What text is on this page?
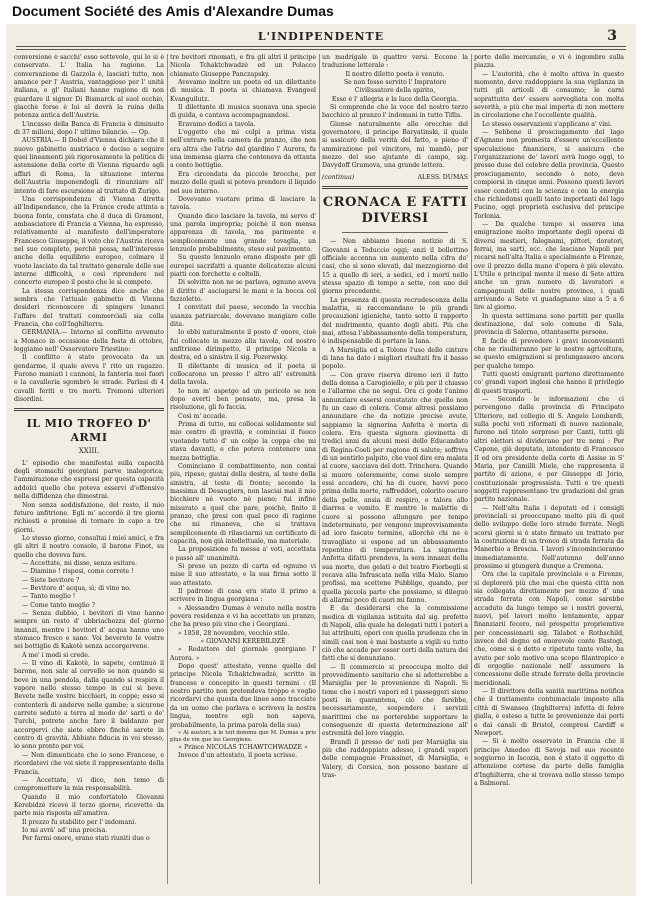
Document Société des Amis d'Alexandre Dumas
L'INDIPENDENTE	3

conversione è sacchi' esso sottevole, qui lo si è conservato. L' Italia ha ragione. La conversazione di Gazzola è, lasciati tutto, non amance per l' Austria, vantaggioso per l' unità italiana, e gl' Italiani hanno ragione di non guardare il signor Di Bismarck al suol occhio, giacchè forse è lui al dovrà la ruina della potenza antica dell'Austria.

L'incasso della Banca di Francia è diminuito di 37 milioni, dopo l' ultimo bilancio. — Op.

AUSTRIA.— Il Dobel d'Vienna dichiara che il nuovo gabinetto austriaco è deciso a seguire quei lineamenti più rigorosamente la politica di astensione della corte di Vienna riguardo agli affari di Roma, la situazione interna dell'Austria imponendogli di rinunziare all' intento di fare escursione al trattato di Zurigo.

Una corrispondenza di Vienna diretta all'Indipendance, che la France crede attinta a buona fonte, constata che il duca di Gramont, ambasciatore di Francia a Vienna, ha espresso, relativamente al manifesto dell'imperatore Francesco Giuseppe, il voto che l'Austria riceva nel suo completo, perchè possa, nell'interesse anche della equilibrio europeo, colmare il vuoto lasciato da tal trattato generale delle sue interne difficoltà, e così riprendere nel concerto europeo il posto che le si compete.

La stessa corrispondenza dice anche che sembra che l'attuale gabinetto di Vienna desideri riconoscere di spingere lunanci l'affare del trattati commerciali sia colla Francia, che coll'Inghilterra.

GERMANIA.— Intorno al conflitto avvenuto a Monaco in occasione della festa di ottobre, leggiamo nell' Osservatore Triestino:

Il conflitto è stato provocato da un gendarme, il quale aveva l' rito un ragazzo. Furono maniati i cannoni, la fanteria mei fuori e la cavalleria sgombrò le strade. Parlasi di 4 cavalli feriti e tre morti. Tremoni ulteriori disordini.

IL MIO TROFEO D' ARMI
XXIII.

L' episodio che manifestai sulla capacità degli stomachi georgiani parve inalegorica; l'ammirazione che espressi per questa capacità addolcì quello che poteva esservi d'offensivo nella diffidenza che dimostrai.

Non senza soddisfazione, del resto, il mio futuro anfitrione. Egli m' accordò il tre giorni richiesti e promise di tornare in capo a tre giorni.

Lo stesso giorno, consultai i miei amici, e fra gli altri il nostro console, il barone Finot, su quello che doveva fare.

— Accettate, mi disse, senza esitare.

— Diamine ! risposi, come correte !

— Siete bevitore ?

— Bevitore d' acqua, sì; di vino no.

— Tanto meglio !

— Come tanto meglio ?

— Senza dubbio, i bevitori di vino hanno sempre un resto d' ubbriachezza del giorno innanzi, mentre i bevitori d' acqua hanno uno stomaco fresco e sano. Voi beverete le vostre sei bottiglie di Kakotè senza accorgervene.

A me' i modi si crede.

— Il vino di Kakotè, lo sapete, continuò il barone, non sale al cervello se non quando si beve in una pendola, dalla quando si respira il vapore nello stesso tempo in cui si beve. Bevete nelle vostre bicchieri, in coppe; esso si contenterà di anderve nelle gambe; a sicurone carrete seduto a terra al modo de' sarti o de' Turchi, potrete anche fare il baldanzo per accorgervi che siete ebbro finchè sarete in centro di gravità. Abbiate fiducia in voi stesso, io sono pronto per voi.

— Non dimenticate che io sono Francese, e ricordatevi che voi siete il rappresentante della Francia.

— Accettate, vi dico, non temo di compromettere la mia responsabilità.

Quando il mio confortatolo Giovanni Kerebidzè ricevè il terzo giorno, ricevette da parte mia risposta all'amativa.

Il prezzo fu stabilito per l' indomani.

Io mi avrà' ad' una precisa.

Per farmi onore, erano stati riuniti due o

tre bevitori rinomati, e fra gli altri il principe Nicola Tchaktchwadzè ed un Polacco chiamato Giuseppe Panczapsky.

Avevamo inoltre un poeta ed un dilettante di musica. Il poeta si chiamava Evangeel Kvanguilutz.

Il dilettante di musica suonava una specie di guida, e cantava accompagnandosi.

Eravamo dodici a tavola.

L'oggetto che mi colpì a prima vista nell'entrare nella camera da pranzo, che non era altra che l'atrio del giardino l' Aurora, fu una immensa giarra che conteneva da ottanta a cento bottiglie.

Era circondata da piccole brocche, per mezzo delle quali si poteva prendere il liquido nel suo interno.

Dovevamo vuotare prima di lasciare la tavola.

Quando dico lasciare la tavola, mi servo d' una parola impropria; poichè il non mensa apparenza di tavola, ma parimente e semplicemente una grande tovaglia, un lenzuolo probabilmente, steso sul pavimento.

Su questo lenzuolo erano disposte per gli europei sacrifatti a quante delicatezze alcuni piatti con forchette e coltelli.

Di solvitte non ne se parlava, ognuno aveva il diritto d' asciugarsi le mani e la bocca col fazzoletto.

I convitati del paese, secondo la vecchia usanza patriarcale, dovevano mangiare colle dita.

Io ebbi naturalmente il posto d' onore, cioè fui collocato in mezzo alla tavola, col nostro anfitrione dirimpetto, il principe Nicola a destra, ed a sinistra il sig. Pozerwsky.

Il dilettante di musica ed il poeta si collocarono un presso l' altro all' estremità della tavola.

Io non m' aspetgo ad un pericolo se non dopo averti ben pensato, ma, presa la risoluzione, gli fo faccia.

Così m' accade.

Prima di tutto, mi collocai solidamente sul mio centro di gravità, e cominciai il fuoco vuotando tutto d' un colpo la coppa che mi stava davanti, e che poteva contenere una mezza bottiglia.

Cominciano il combattimento, non contai più, ripeso; gustai della destra, al teste della sinistra, al teste di fronte; secondo la massima di Desaugiers, non lasciai mai il mio bicchiere nè vuoto nè pieno; fui infine misurato a quel che pare, poichè, finito il pranzo, che presi con qual poco di ragione che mi rimaneva, che si trattava semplicemente di rilasciarmi un certificato di capacità, non già intellettuale, ma materiale.

La proposizione fu messa a' voti, accettata e passò all' unanimità.

Si prese un pezzo di carta ed ognuno vi mise il suo attestato, e la sua firma sotto il suo attestato.

Il padrone di casa era stato il primo a scrivere in lingua georgiana :

« Alessandro Dumas è venuto nella nostra povera residenza e vi ha accettato un pranzo, che ha preso più vino che i Georgiani.

« 1858, 28 novembre, vecchio stile.

« GIOVANNI KEREBILDZÈ

« Redattore del giornale georgiano l' Aurora. »

Dopo quest' attestato, venne quello del principe Nicola Tchaktchwadzè, scritto in francese e concepito in questi termini : (Il nostro partito non pretendeva troppo e voglio ricordarvi che questa due linee sono tracciate da un uomo che parlava e scriveva la nostra lingua, mentre egli non sapeva, probabilmente, la prima parola della sua)

« Ai austori, à le toit dommu que M. Dumas a pris plus de vin que les Georgiens.

« Prince NICOLAS TCHAWTCHWADZE »

Invece d'un attestato, il poeta scrisse.

un madrigale in quattro versi. Eccone la traduzione letterale :

Il nostro diletto poeta è venuto.

Se non fosse servito l' Impratore

Civilissatore della spirito,

Esso è l' allegria e la luce della Georgia.

Si comprende che la voce del nostro terzo bacchico al pranzo l' indomani in tutto Tiflis.

Giunse naturalmente alle orecchie del governatore, il principe Baryatinski, il quale si assicurò della verità del fatto, e pieno d' ammirazione pel vincitore, mi mandò, per mezzo del suo ajutante di campo, sig. Davydoff Gramova, una grande lettera.

(continua)	ALESS. DUMAS
CRONACA E FATTI DIVERSI

— Non abbiamo buone notizie di S. Giovanni a Teduccio oggi; anzi il bollettino officiale accenna un aumento nella cifra de' casi, che si sono elevati, dal mezzogiorno del 15 a quello di ieri, a sedici, ed i morti nello stesso spazio di tempo a sette, con uno del giorno precedente.

La presenza di questa recrudescenza della malattia, si raccomandano le più grandi precauzioni igieniche, tanto sotto il rapporto del nudrimento, quanto degli abiti. Più che mai, attesa l'abbassamento della temperatura, è indispensabile di portare la lana.

A Marsiglia ed a Tolone l'uso delle cinture di lana ha dato i migliori risultati fra il basso popolo.

— Con grave riserva diremo ieri il fatto della donna a Carogioiello, e più per il chiasso e l'allarme che ne seguì. Ora ci gode l'animo annunziare essersi constatato che quello non fu un caso di colera. Come altresì possiamo annunziare che da notizie precise avute, sappiamo la signorina Anfetta è morta di colera. Era questa signora giovinetta di tredici anni da alcuni mesi dello Educandato di Regina-Coeli per ragione di salute; soffriva di un sentirlo palpito, che vuol dire era malata al cuore, sacciava del dott. Trinchera. Quando si muore celeremente, come suole sempre essi accadere, chi ha di cuore, havvi poco prima della morte, raffreddori, colorito oscuro della pelle, ansia di respiro, e talora allo diarrea e vomito. E mentre le malattie di cuore si possono allungare per tempo indeterminato, per vengono improvvisamente ad ioro fascato termine, allorchè chi ne è travagliato si espone ad un abbassamento repentino di temperatura. La signorina Anfetta difatti prendeva, la sera innanzi della sua morte, due gelati e del teatro Fiorbegli si recava alla Infrascata nella villa Malo. Siamo profissi, ma scettene Pubblige, quando, per quella piccola parte che possiamo, si dileguò di allarmi poco di cuori mi fanno.

E da desiderarsi che la commissione medica di vigilanza istituita dal sig. prefetto di Napoli, alla quale ha delegati tutti i poteri a lui attribuiti, operi con quella prudenza che in simili casi non è mai bastante a vigili su tutto ciò che accade per esser certi della natura dei fatti che si denunziano.

— Il commercio si preoccupa molto del provvedimento sanitario che si adotterebbe a Marsiglia per le provenienze di Napoli. Si teme che i nostri vapori ed i passeggeri sieno posti in quarantena, ciò che farebbe, necessariamente, sospendere i servizii marittimi che ne porterebbe sopportare le conseguenze di questa determinazione all' estremità del loro viaggio.

Brandì il presso de' noli per Marsiglia sia più che raddoppiato adesso, i grandi vapori delle compagnie Fraissinet, di Marsiglia, e Valery, di Corsica, non possono bastare al tras-

porto delle mercanzie, e vi è ingombro sulla piazza.

— L'autorità, che è molto attiva in questo momento, deve raddoppiare la sua vigilanza in tutti gli articoli di consumo; le carni soprattutto dev' essere sorvegliata con molta severità, e più che mai imperta di non mettere in circolazione che l'eccellente qualità.

Lo stesso osservazioni s'applicano a' vini.

— Sebbene il prosciugamento del lago d'Agnano non promesta d'essere un'eccellente speculazione finanziere, si assicura che l'organizzazione de' lavori avrà luogo oggi, to presso duse del celebre della provincia. Questo prosciugamento, secondo è noto, deve compiersi in cinque anni. Possono questi lavori esser condotti con la scienza e con la energia che richiedonsi quelli tanto importanti del lago Fucino, oggi proprietà esclusiva del principe Torlonia.

— Da qualche tempo si osserva una emigrazione molto importante degli operai di diversi mestieri, falegnami, pittori, doratori, ferrai, ma sarti, ecc. che lasciano Napoli per recarsi nell'alta Italia e specialmente a Firenze, ove il prezzo della mano d'opera è più elevato. L'Utile e principal mente il mese di Sete attira anche un gran numero di lavoratori e campagnuoli delle nostre province, i quali arrivando a Sete vi guadagnano sino a 5 a 6 lire al giorno.

In questa settimana sono partiti per quella destinazione, dal solo comune di Sala, provincia di Salerno, ottantasette persone.

E facile di prevedere i gravi inconvenienti che ne risulteranno per le nostre agricoltura, se questo emigrazioni si prolungassero ancora per qualche tempo.

Tutti questi emigranti partono direttamente co' grandi vapori inglesi che hanno il privilegio di questi trasporti.

— Secondo le informazioni che ci pervengono dalla provincia di Principato Ulteriore, nel collegio di S. Angelo Lombardi, sulla pochi voti riformati di nuove nazionale, furono nel titolo sorpreso per Canti, tutti gli altri elettori si dividerano per tre nomi : Per Capone, già deputato, intendente di Francesco II ed ora presidente della corte di Assise in S' Maria, per Camilli Miele, che rappresenta il partito di azione, e per Giuseppe di Jorio, costituzionale progressista. Tutti e tre questi soggetti rappresentano tre gradazioni del gran partito nazionale.

— Nell'alta Italia i deputati ed i consigli provinciali si preoccupano molto più di quel dello sviluppo delle loro strade ferrate. Negli scorsi giorni si è stato firmato un trattato per la costruzione di un tronco di strada ferrata da Manerbio a Brescia. I lavori s'incomincieranno immediatamente. Nell'autunno dell'anno prossimo si giungerà dunque a Cremona.

Ora che la capitale provinciale e a Firenze, si deplorerà più che mai che questa città non sia collegata direttamente per mezzo d' una strada ferrata con Napoli, come sarebbe accaduto da lungo tempo se i nostri governi, nuovi, pel lavori molto lentamente, appar finanziarii fecero, nel prospetto propriemtive per concessionarii sig. Talabot e Rothschild, invece del degno ed onorevole conte Bastogi, che, come si è detto e ripetuto tante volte, ha avuto per solo motivo una scopo filantropico e di orgoglio nazionale nell' assumere la concessione delle strade ferrate della provincie meridionali.

— Il direttore della sanità marittima notifica che il trattamento contumaciale imposto alla città di Swansea (Inghilterra) infetta di febre gialla, è esteso a tutte le provenienze dai porti e dai canali di Bristol, compresi Cardiff e Newport.

— Si è molto osservato in Francia che il principe Amedeo di Savoja nel suo recente soggiorno in Iscozia, non è stato il oggetto di attenzione cortese da parte della famiglia d'Inghilterra, che si trovava nello stesso tempo a Balmoral.
